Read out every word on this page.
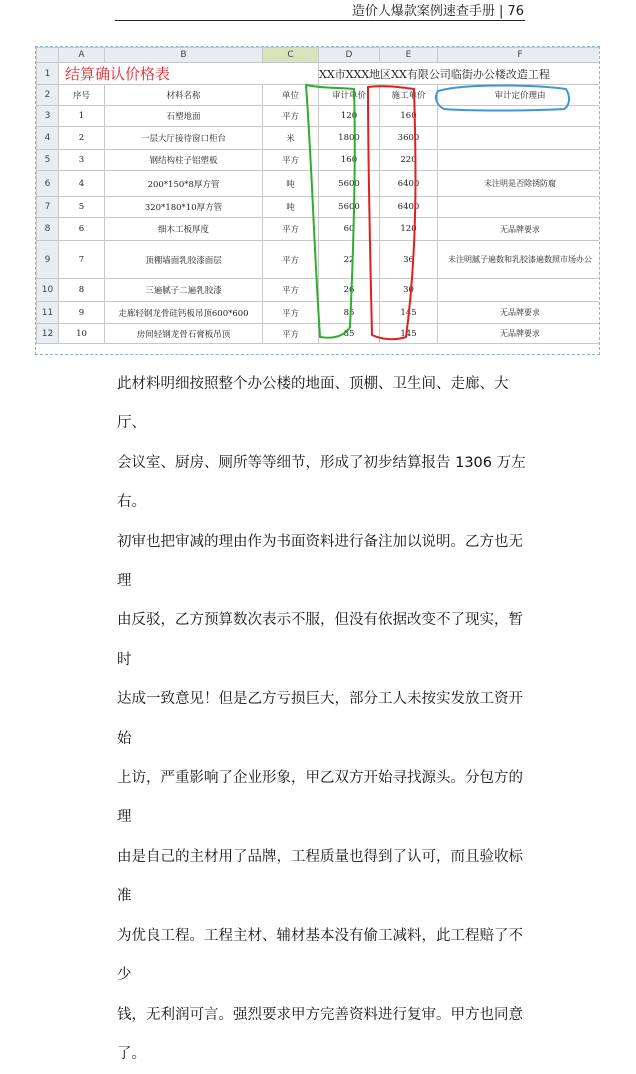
造价人爆款案例速查手册 | 76
	A	B	C	D	E	F
1	结算确认价格表			XX市XXX地区XX有限公司临街办公楼改造工程		
2	序号	材料名称	单位	审计单价	施工单价	审计定价理由
3	1	石塑地面	平方	120	160	
4	2	一层大厅接待窗口柜台	米	1800	3600	
5	3	钢结构柱子铝塑板	平方	160	220	
6	4	200*150*8厚方管	吨	5600	6400	未注明是否除锈防腐
7	5	320*180*10厚方管	吨	5600	6400	
8	6	细木工板厚度	平方	60	120	无品牌要求
9	7	顶棚墙面乳胶漆面层	平方	22	36	未注明腻子遍数和乳胶漆遍数照市场办公
10	8	三遍腻子二遍乳胶漆	平方	26	30	
11	9	走廊轻钢龙骨硅钙板吊顶600*600	平方	85	145	无品牌要求
12	10	房间轻钢龙骨石膏板吊顶	平方	85	145	无品牌要求

此材料明细按照整个办公楼的地面、顶棚、卫生间、走廊、大厅、

会议室、厨房、厕所等等细节，形成了初步结算报告 1306 万左右。

初审也把审减的理由作为书面资料进行备注加以说明。乙方也无理

由反驳，乙方预算数次表示不服，但没有依据改变不了现实，暂时

达成一致意见！但是乙方亏损巨大，部分工人未按实发放工资开始

上访，严重影响了企业形象，甲乙双方开始寻找源头。分包方的理

由是自己的主材用了品牌，工程质量也得到了认可，而且验收标准

为优良工程。工程主材、辅材基本没有偷工减料，此工程赔了不少

钱，无利润可言。强烈要求甲方完善资料进行复审。甲方也同意了。
